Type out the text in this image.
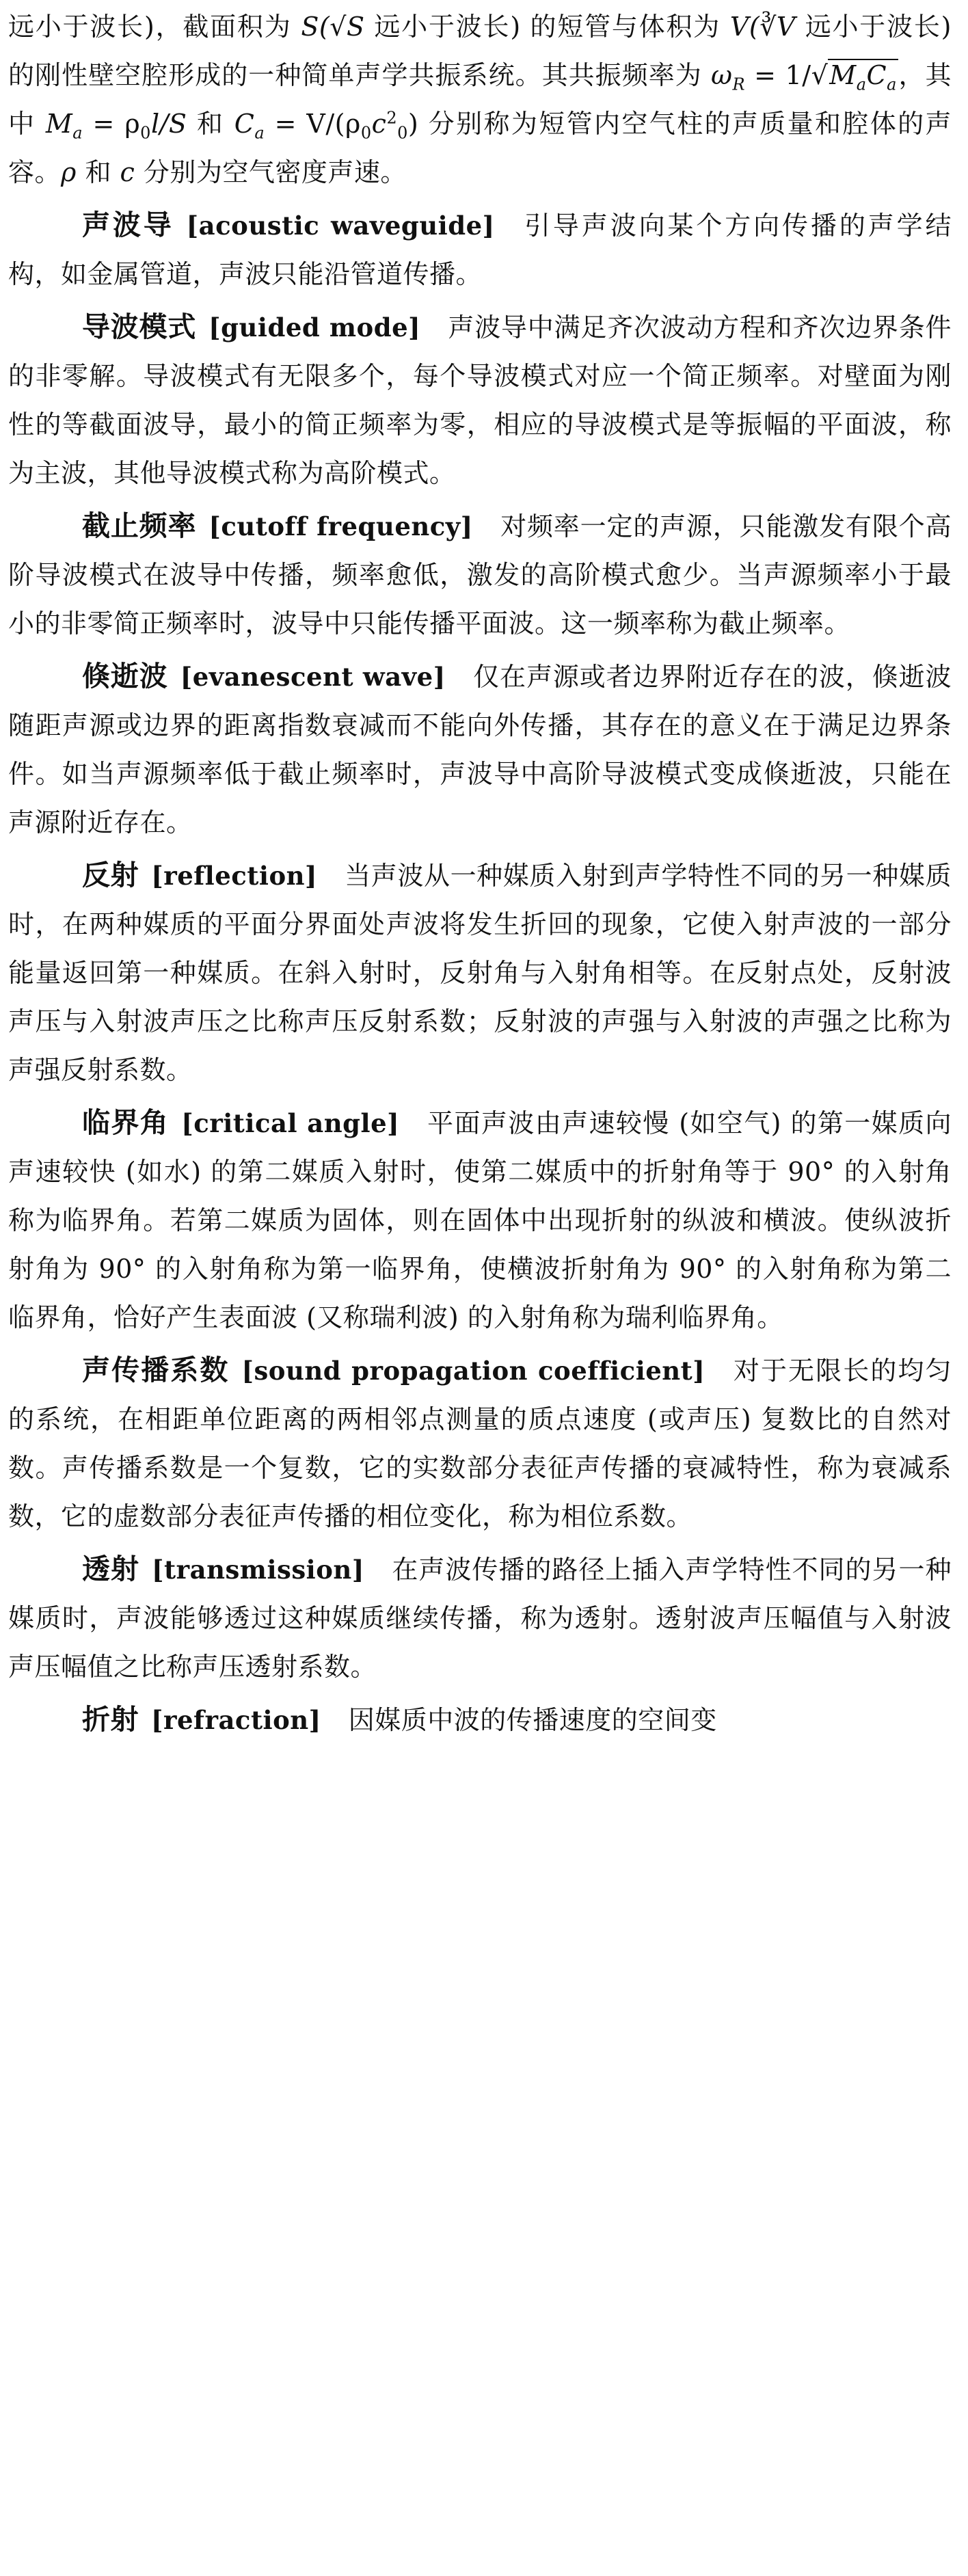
远小于波长)，截面积为 S(√S 远小于波长) 的短管与体积为 V(∛V 远小于波长) 的刚性壁空腔形成的一种简单声学共振系统。其共振频率为 $\omega_R = 1/√M_aC_a$，其中 $M_a = \rho_0l/S$ 和 $C_a = V/(\rho_0c^2_0)$ 分别称为短管内空气柱的声质量和腔体的声容。ρ 和 c 分别为空气密度声速。

声波导 [acoustic waveguide] 引导声波向某个方向传播的声学结构，如金属管道，声波只能沿管道传播。

导波模式 [guided mode] 声波导中满足齐次波动方程和齐次边界条件的非零解。导波模式有无限多个，每个导波模式对应一个简正频率。对壁面为刚性的等截面波导，最小的简正频率为零，相应的导波模式是等振幅的平面波，称为主波，其他导波模式称为高阶模式。

截止频率 [cutoff frequency] 对频率一定的声源，只能激发有限个高阶导波模式在波导中传播，频率愈低，激发的高阶模式愈少。当声源频率小于最小的非零简正频率时，波导中只能传播平面波。这一频率称为截止频率。

倏逝波 [evanescent wave] 仅在声源或者边界附近存在的波，倏逝波随距声源或边界的距离指数衰减而不能向外传播，其存在的意义在于满足边界条件。如当声源频率低于截止频率时，声波导中高阶导波模式变成倏逝波，只能在声源附近存在。

反射 [reflection] 当声波从一种媒质入射到声学特性不同的另一种媒质时，在两种媒质的平面分界面处声波将发生折回的现象，它使入射声波的一部分能量返回第一种媒质。在斜入射时，反射角与入射角相等。在反射点处，反射波声压与入射波声压之比称声压反射系数；反射波的声强与入射波的声强之比称为声强反射系数。

临界角 [critical angle] 平面声波由声速较慢 (如空气) 的第一媒质向声速较快 (如水) 的第二媒质入射时，使第二媒质中的折射角等于 90° 的入射角称为临界角。若第二媒质为固体，则在固体中出现折射的纵波和横波。使纵波折射角为 90° 的入射角称为第一临界角，使横波折射角为 90° 的入射角称为第二临界角，恰好产生表面波 (又称瑞利波) 的入射角称为瑞利临界角。

声传播系数 [sound propagation coefficient] 对于无限长的均匀的系统，在相距单位距离的两相邻点测量的质点速度 (或声压) 复数比的自然对数。声传播系数是一个复数，它的实数部分表征声传播的衰减特性，称为衰减系数，它的虚数部分表征声传播的相位变化，称为相位系数。

透射 [transmission] 在声波传播的路径上插入声学特性不同的另一种媒质时，声波能够透过这种媒质继续传播，称为透射。透射波声压幅值与入射波声压幅值之比称声压透射系数。

折射 [refraction] 因媒质中波的传播速度的空间变
